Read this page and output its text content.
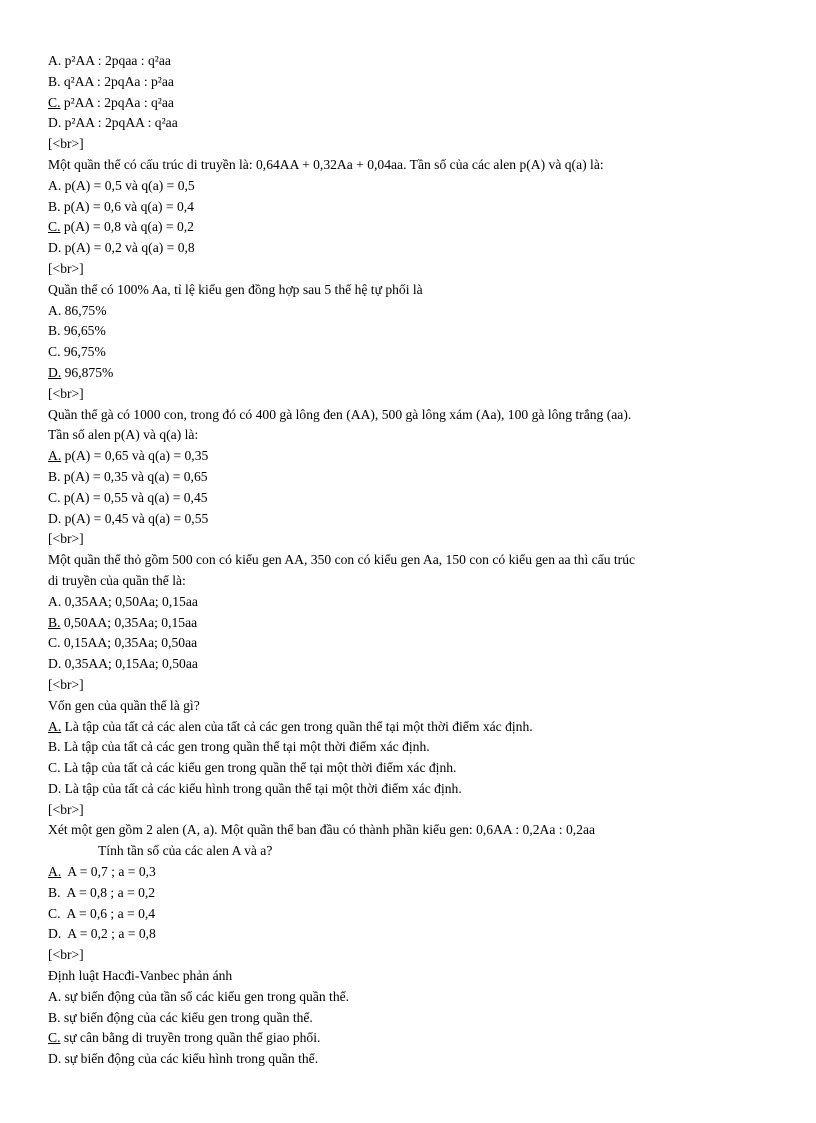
A. p²AA : 2pqaa : q²aa
B. q²AA : 2pqAa : p²aa
C. p²AA : 2pqAa : q²aa
D. p²AA : 2pqAA : q²aa
[<br>]
Một quần thể có cấu trúc di truyền là: 0,64AA + 0,32Aa + 0,04aa. Tần số của các alen p(A) và q(a) là:
A. p(A) = 0,5 và q(a) = 0,5
B. p(A) = 0,6 và q(a) = 0,4
C. p(A) = 0,8 và q(a) = 0,2
D. p(A) = 0,2 và q(a) = 0,8
[<br>]
Quần thể có 100% Aa, tỉ lệ kiểu gen đồng hợp sau 5 thế hệ tự phối là
A. 86,75%
B. 96,65%
C. 96,75%
D. 96,875%
[<br>]
Quần thể gà có 1000 con, trong đó có 400 gà lông đen (AA), 500 gà lông xám (Aa), 100 gà lông trắng (aa).
Tần số alen p(A) và q(a) là:
A. p(A) = 0,65 và q(a) = 0,35
B. p(A) = 0,35 và q(a) = 0,65
C. p(A) = 0,55 và q(a) = 0,45
D. p(A) = 0,45 và q(a) = 0,55
[<br>]
Một quần thể thỏ gồm 500 con có kiểu gen AA, 350 con có kiểu gen Aa, 150 con có kiểu gen aa thì cấu trúc
di truyền của quần thể là:
A. 0,35AA; 0,50Aa; 0,15aa
B. 0,50AA; 0,35Aa; 0,15aa
C. 0,15AA; 0,35Aa; 0,50aa
D. 0,35AA; 0,15Aa; 0,50aa
[<br>]
Vốn gen của quần thể là gì?
A. Là tập của tất cả các alen của tất cả các gen trong quần thể tại một thời điểm xác định.
B. Là tập của tất cả các gen trong quần thể tại một thời điểm xác định.
C. Là tập của tất cả các kiểu gen trong quần thể tại một thời điểm xác định.
D. Là tập của tất cả các kiểu hình trong quần thể tại một thời điểm xác định.
[<br>]
Xét một gen gồm 2 alen (A, a). Một quần thể ban đầu có thành phần kiểu gen: 0,6AA : 0,2Aa : 0,2aa
Tính tần số của các alen A và a?
A.  A = 0,7 ; a = 0,3
B.  A = 0,8 ; a = 0,2
C.  A = 0,6 ; a = 0,4
D.  A = 0,2 ; a = 0,8
[<br>]
Định luật Hacđi-Vanbec phản ánh
A. sự biến động của tần số các kiểu gen trong quần thể.
B. sự biến động của các kiểu gen trong quần thể.
C. sự cân bằng di truyền trong quần thể giao phối.
D. sự biến động của các kiểu hình trong quần thể.
